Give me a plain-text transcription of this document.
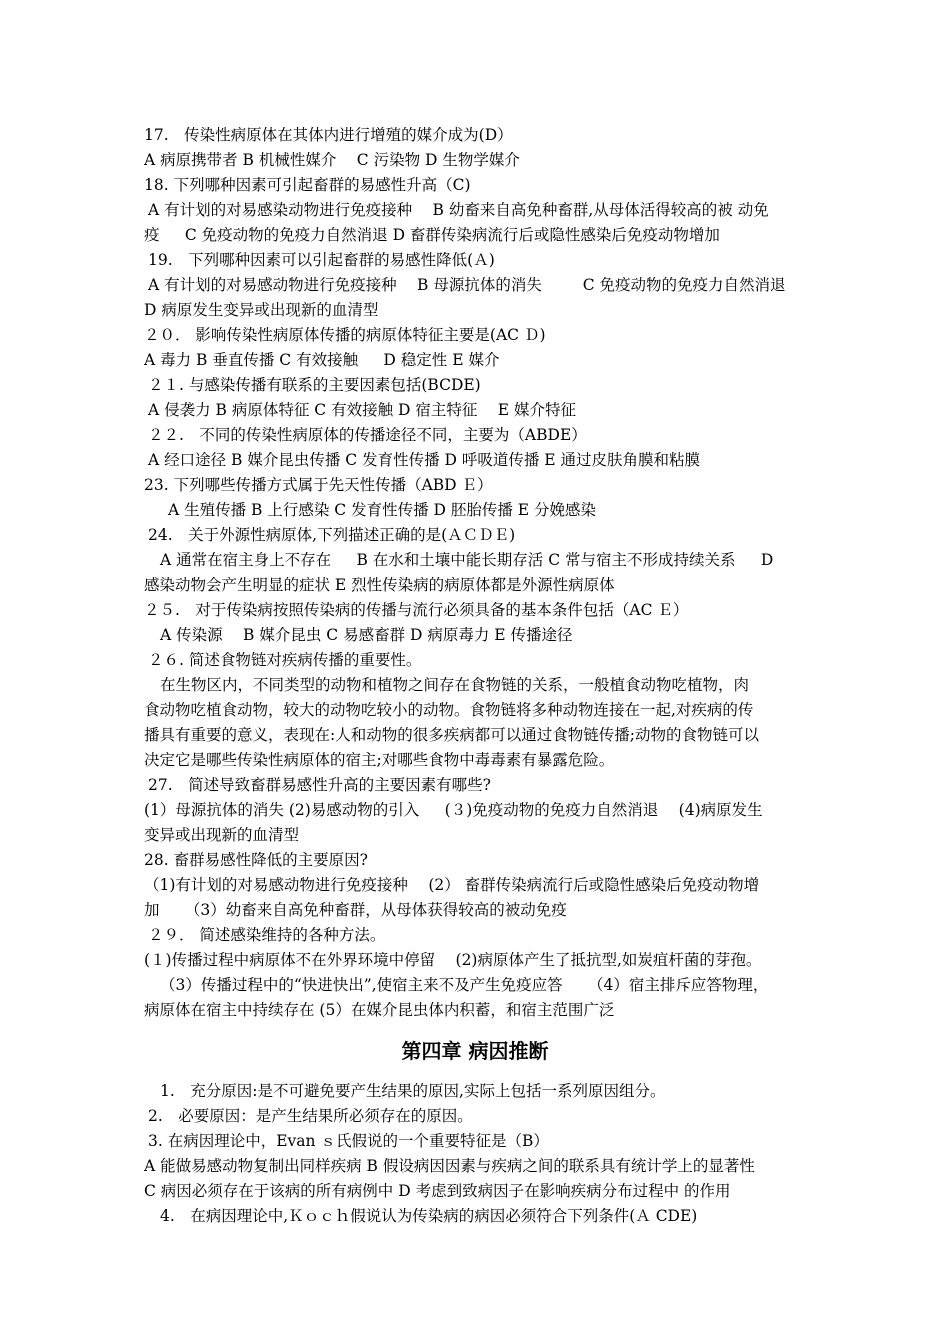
17.　传染性病原体在其体内进行增殖的媒介成为(D）
A 病原携带者 B 机械性媒介 　C 污染物 D 生物学媒介
18. 下列哪种因素可引起畜群的易感性升高（C)
A 有计划的对易感染动物进行免疫接种 　B 幼畜来自高免种畜群,从母体活得较高的被 动免
疫 　 C 免疫动物的免疫力自然消退 D 畜群传染病流行后或隐性感染后免疫动物增加
19.　下列哪种因素可以引起畜群的易感性降低(Ａ)
A 有计划的对易感动物进行免疫接种 　B 母源抗体的消失 　 　C 免疫动物的免疫力自然消退
D 病原发生变异或出现新的血清型
２０． 影响传染性病原体传播的病原体特征主要是(AC Ｄ)
A 毒力 B 垂直传播 C 有效接触 　 D 稳定性 E 媒介
２１. 与感染传播有联系的主要因素包括(BCDE)
A 侵袭力 B 病原体特征 C 有效接触 D 宿主特征 　E 媒介特征
２２.　不同的传染性病原体的传播途径不同，主要为（ABDE）
A 经口途径 B 媒介昆虫传播 C 发育性传播 D 呼吸道传播 E 通过皮肤角膜和粘膜
23. 下列哪些传播方式属于先天性传播（ABD Ｅ）
A 生殖传播 B 上行感染 C 发育性传播 D 胚胎传播 E 分娩感染
24.　关于外源性病原体,下列描述正确的是(ＡＣＤＥ)
A 通常在宿主身上不存在 　 B 在水和土壤中能长期存活 C 常与宿主不形成持续关系 　 D
感染动物会产生明显的症状 E 烈性传染病的病原体都是外源性病原体
２５.　对于传染病按照传染病的传播与流行必须具备的基本条件包括（AC Ｅ）
A 传染源 　B 媒介昆虫 C 易感畜群 D 病原毒力 E 传播途径
２６. 简述食物链对疾病传播的重要性。
在生物区内，不同类型的动物和植物之间存在食物链的关系，一般植食动物吃植物，肉
食动物吃植食动物，较大的动物吃较小的动物。食物链将多种动物连接在一起,对疾病的传
播具有重要的意义，表现在:人和动物的很多疾病都可以通过食物链传播;动物的食物链可以
决定它是哪些传染性病原体的宿主;对哪些食物中毒毒素有暴露危险。
27.　简述导致畜群易感性升高的主要因素有哪些?
(1）母源抗体的消失 (2)易感动物的引入 　 (３)免疫动物的免疫力自然消退 　(4)病原发生
变异或出现新的血清型
28. 畜群易感性降低的主要原因?
（1)有计划的对易感动物进行免疫接种 　(2） 畜群传染病流行后或隐性感染后免疫动物增
加 　 （3）幼畜来自高免种畜群，从母体获得较高的被动免疫
２９． 简述感染维持的各种方法。
(１)传播过程中病原体不在外界环境中停留 　(2)病原体产生了抵抗型,如炭疽杆菌的芽孢。
（3）传播过程中的“快进快出”,使宿主来不及产生免疫应答 　 （4）宿主排斥应答物理，
病原体在宿主中持续存在 (5）在媒介昆虫体内积蓄，和宿主范围广泛
第四章 病因推断
1.　充分原因:是不可避免要产生结果的原因,实际上包括一系列原因组分。
2.　必要原因：是产生结果所必须存在的原因。
3. 在病因理论中，Evan ｓ氏假说的一个重要特征是（B）
A 能做易感动物复制出同样疾病 B 假设病因因素与疾病之间的联系具有统计学上的显著性
C 病因必须存在于该病的所有病例中 D 考虑到致病因子在影响疾病分布过程中 的作用
4.　在病因理论中,Ｋｏｃｈ假说认为传染病的病因必须符合下列条件(Ａ CDE)
